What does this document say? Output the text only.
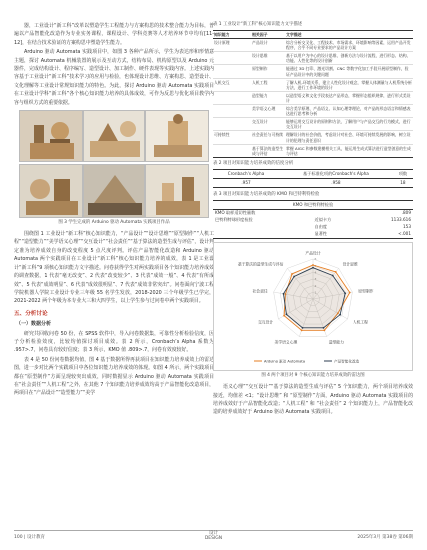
器，工业设计“新工科”改革以塑造学生工程能力与方案构思的技术整合能力为目标，普遍以产品智能化改造作为专业实务课程，课程设计、学科竞赛等人才培养环节中均有[11-12]，在结合技术验证的方案构思中塑造学生能力。

Arduino 驱动 Automata 实践项目中，如图 3 各种产品所示，学生为表达形和形情意主题，探讨 Automata 机械装置的展示及互动方式，结构布局、机构原型以及 Arduino 元器件，完成结构设计、程序编写、造型设计、加工制作、硬件表现等实践内容。上述实践内容基于工业设计“新工科”技术学习的应用与检验，也体现设计思维、方案构思、造型设计、文化理解等工业设计常规知识能力的特色。为此，探讨 Arduino 驱动 Automata 实践项目在工业设计学科“新工科”各个核心知识能力培养的具体成效，可作为反思与优化项目教学内容与组织方式的重要依据。

图 3 学生完成的 Arduino 驱动 Automata 实践项目作品

围绕图 1 工业设计“新工科”核心知识能力，“产品设计”“设计思维”“原型制作”“人机工程”“造型能力”“美学语义心理”“交互设计”“社会责任”“基于算法的造型生成与评估”，设计判定准为培养成效自身的改变程度 5 点尺度评判。评估产品智能化改造和 Arduino 驱动 Automata 两个实践项目在工业设计“新工科”核心知识能力培养的成效，表 1 是工业设计“新工科”9 项核心知识能力文字描述。问卷获得学生对两实践项目各个知识能力培养成效的调查数据，1 代表“毫无改变”、2 代表“改变较少”、3 代表“成效一般”、4 代表“有所成效”、5 代表“成效明显”、6 代表“成效很明显”、7 代表“成效非常突出”。问卷面向宁波工程学院机器人学院工业设计专业三年级 55 名学生发放，2018-2020 三个年级学生已学完，2021-2022 两个年级为本专业大三和大四学生，以上学生参与过问卷中两个实践项目。

五、分析讨论
（一）数据分析

研究共回收问卷 50 份，在 SPSS 软件中，导入问卷数据集，可靠性分析检验信度，因子分析检验效度，比较均值探讨项目成效。表 2 所示，Cronbach’s Alpha 系数为 .957>.7，问卷具有较好信度；表 3 所示，KMO 值 .809>.7，问卷有效度较好。

表 4 是 50 份问卷数据均值，图 4 基于数据所得再获项目在知识能力培养成效上的雷达图，进一步对比两个实践项目中各位知识能力培养成效的体现。如图 4 所示，两个实践项目都在“原型制作”方面呈现较突出成效，同时数据显示 Arduino 驱动 Automata 实践项目在“社会责任”“人机工程”之外，在其他 7 个知识能力培养成效均高于产品智能化改造项目，两项目在“产品设计”“造型能力”“美学

表 1 工业设计“新工科”核心知识能力文字描述
知识能力	相关因子	文字描述
设计原理	产品设计	综合分析交叉化、工程技术、市场需求、环境影响等因素，运用产品开发程序，合乎不同专业要求的产品设计方案
	设计思维	基于以用户为中心的设计思维、创新方法与设计流程，进行形态、结构、功能、人性化等的设计创新
	原型制作	能通过 3D 打印、激光切割、CNC 等数字化加工手段开展原型制作，验证产品设计中的关键问题
人机交互	人机工程	了解人机-环境关系，建立人性化设计观念，掌握人体测量与人机系统分析方法，进行工作环境的设计
	造型能力	以造型语义和文化手段表达产品形态，掌握形态组织规律，进行形式美设计
	美学语义心理	综合美学原理、产品语义、认知心理等理论，对产品的形态语言和情感表达进行思考和分析
	交互设计	能够运用交互设计的原则和方法，了解用户与产品交互的行为模式，进行交互设计
可持续性	社会责任与可持续	理解设计的社会价值，考虑设计对社会、环境可持续发展的影响，树立设计的伦理与责任意识
	基于算法的造型生成与评估	掌握 AIGC 和参数建模相关工具，能运用生成式算法进行造型创意的生成与评估
表 2 项目对知识能力培养成效的信度分析
Cronbach's Alpha	基于标准化项的Cronbach's Alpha	项数
.957	.958	18
表 3 项目对知识能力培养成效的 KMO 和巴特利特检验
KMO 和巴特利特检验		
KMO 取样适切性量数		.809
巴特利特球形度检验	近似卡方	1133.616
	自由度	153
	显著性	<.001
产品设计
设计思维
原型制作
人机工程
造型能力
美学语义心理
交互设计
社会责任
基于算法的造型生成与评估
1
2
3
4
5
6
Arduino 驱动 Automata	产品智能化改造
图 4 两个项目对 9 个核心知识能力培养成效的雷达图

语义心理”“交互设计”“基于算法的造型生成与评估” 5 个知识能力，两个项目培养成效接近，均值差 <1；“设计思维” 和 “原型制作”方面，Arduino 驱动 Automata 实践项目的培养成效好于产品智能化改造；“人机工程” 和 “社会责任” 2 个知识能力上，产品智能化改造的培养成效好于 Arduino 驱动 Automata 实践项目。

100 | 设计教育
设计
DESIGN	2025年3月 第38卷 第06期
